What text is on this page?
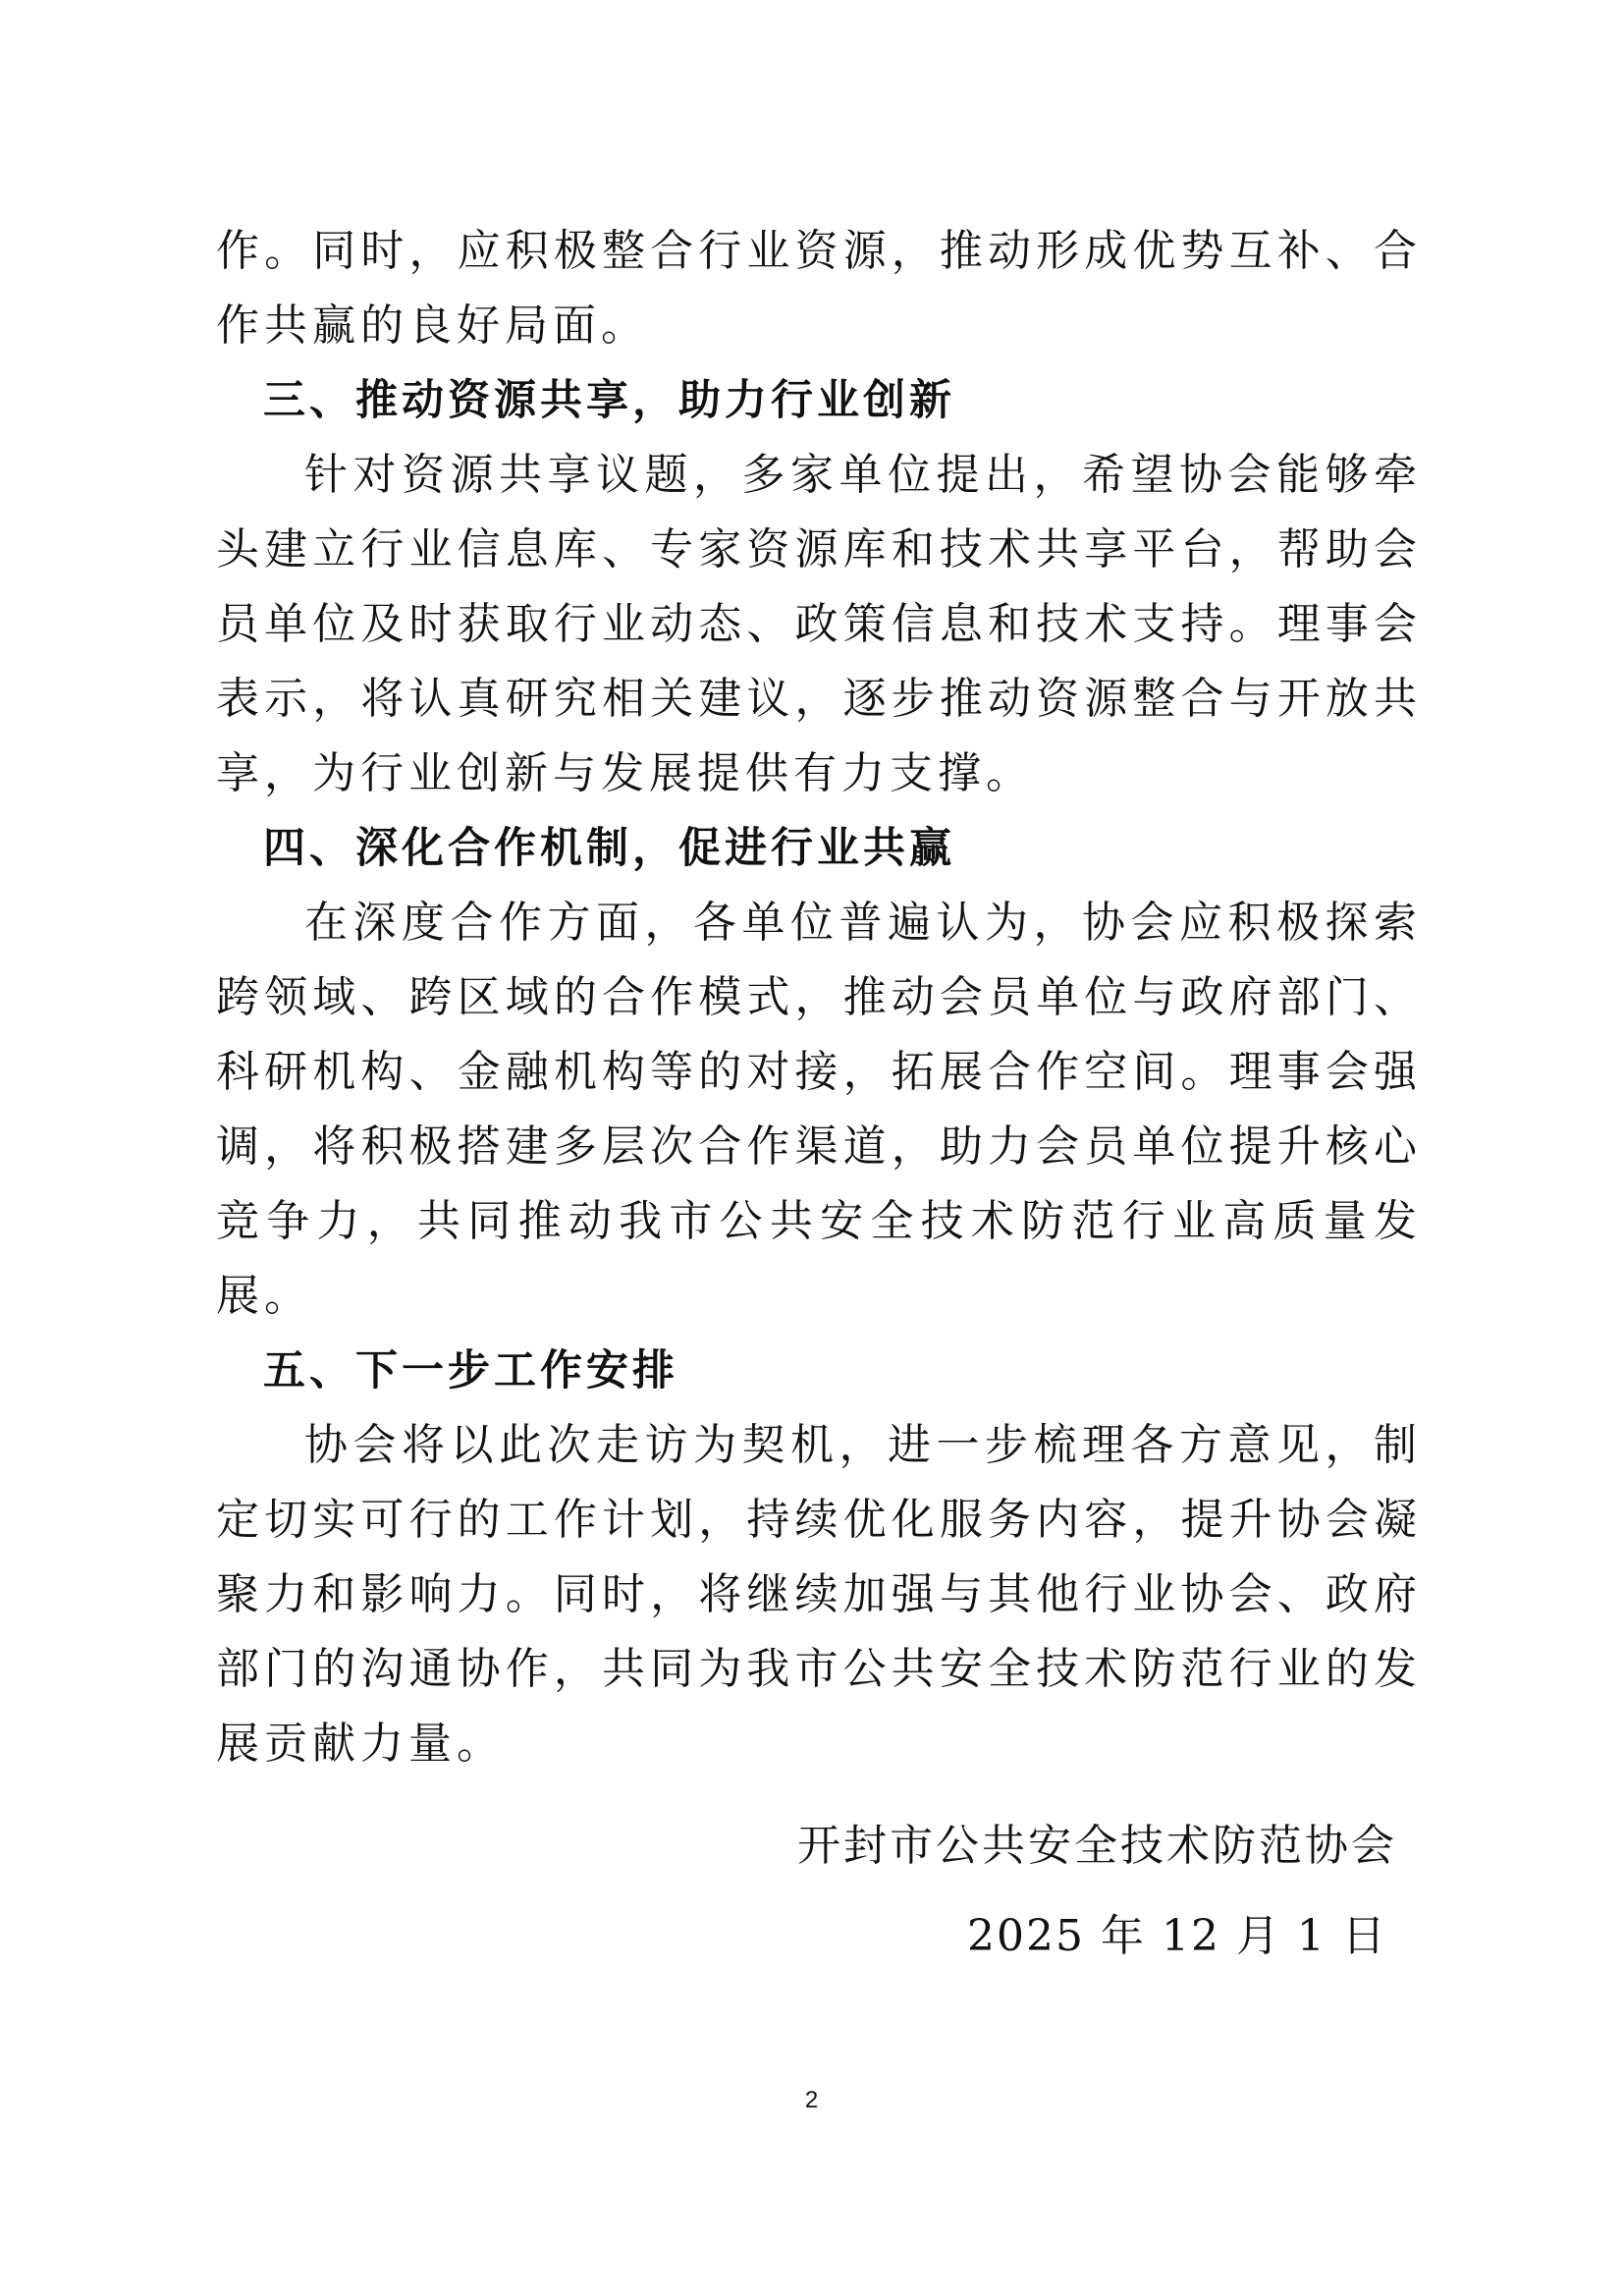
作。同时，应积极整合行业资源，推动形成优势互补、合作共赢的良好局面。

三、推动资源共享，助力行业创新

针对资源共享议题，多家单位提出，希望协会能够牵头建立行业信息库、专家资源库和技术共享平台，帮助会员单位及时获取行业动态、政策信息和技术支持。理事会表示，将认真研究相关建议，逐步推动资源整合与开放共享，为行业创新与发展提供有力支撑。

四、深化合作机制，促进行业共赢

在深度合作方面，各单位普遍认为，协会应积极探索跨领域、跨区域的合作模式，推动会员单位与政府部门、科研机构、金融机构等的对接，拓展合作空间。理事会强调，将积极搭建多层次合作渠道，助力会员单位提升核心竞争力，共同推动我市公共安全技术防范行业高质量发展。

五、下一步工作安排

协会将以此次走访为契机，进一步梳理各方意见，制定切实可行的工作计划，持续优化服务内容，提升协会凝聚力和影响力。同时，将继续加强与其他行业协会、政府部门的沟通协作，共同为我市公共安全技术防范行业的发展贡献力量。

开封市公共安全技术防范协会
2025 年 12 月 1 日
2
